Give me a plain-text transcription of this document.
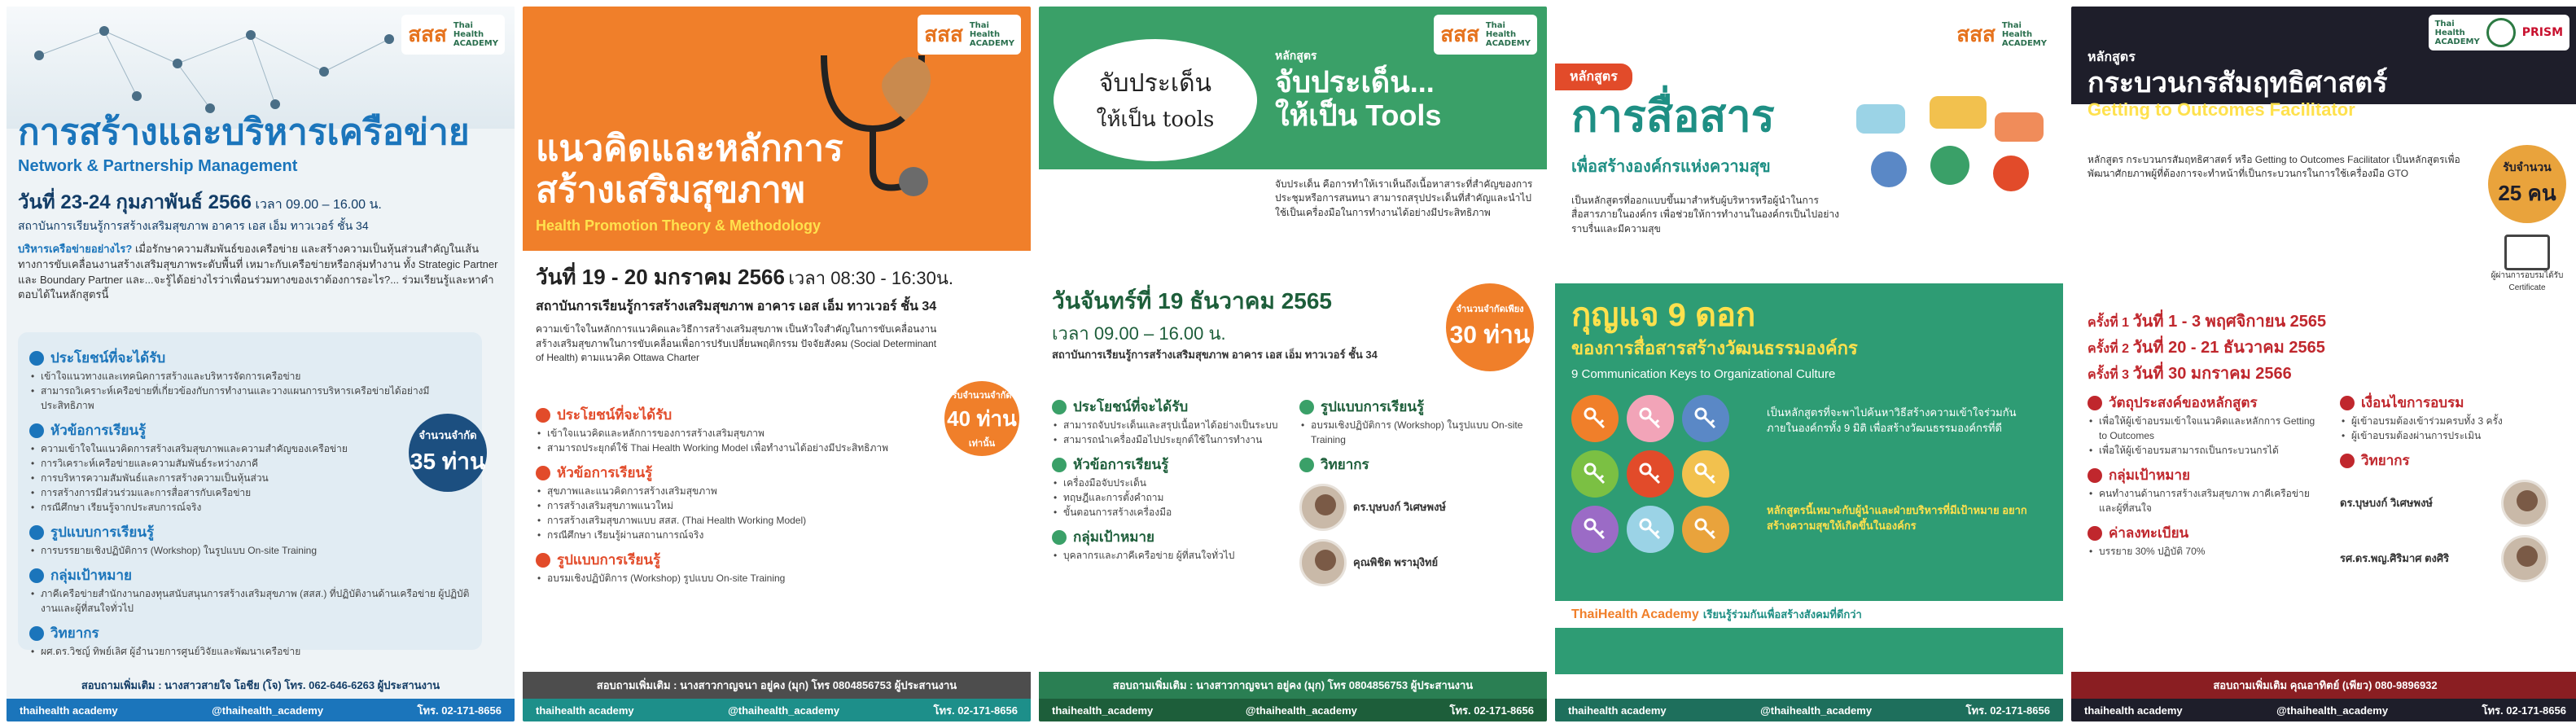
สสส Thai
Health
ACADEMY
การสร้างและบริหารเครือข่าย
Network & Partnership Management
วันที่ 23-24 กุมภาพันธ์ 2566 เวลา 09.00 – 16.00 น.
สถาบันการเรียนรู้การสร้างเสริมสุขภาพ อาคาร เอส เอ็ม ทาวเวอร์ ชั้น 34
บริหารเครือข่ายอย่างไร? เมื่อรักษาความสัมพันธ์ของเครือข่าย และสร้างความเป็นหุ้นส่วนสำคัญในเส้นทางการขับเคลื่อนงานสร้างเสริมสุขภาพระดับพื้นที่ เหมาะกับเครือข่ายหรือกลุ่มทำงาน ทั้ง Strategic Partner และ Boundary Partner และ...จะรู้ได้อย่างไรว่าเพื่อนร่วมทางของเราต้องการอะไร?... ร่วมเรียนรู้และหาคำตอบได้ในหลักสูตรนี้
ประโยชน์ที่จะได้รับ
• เข้าใจแนวทางและเทคนิคการสร้างและบริหารจัดการเครือข่าย
• สามารถวิเคราะห์เครือข่ายที่เกี่ยวข้องกับการทำงานและวางแผนการบริหารเครือข่ายได้อย่างมีประสิทธิภาพ
หัวข้อการเรียนรู้
• ความเข้าใจในแนวคิดการสร้างเสริมสุขภาพและความสำคัญของเครือข่าย
• การวิเคราะห์เครือข่ายและความสัมพันธ์ระหว่างภาคี
• การบริหารความสัมพันธ์และการสร้างความเป็นหุ้นส่วน
• การสร้างการมีส่วนร่วมและการสื่อสารกับเครือข่าย
• กรณีศึกษา เรียนรู้จากประสบการณ์จริง
รูปแบบการเรียนรู้
• การบรรยายเชิงปฏิบัติการ (Workshop) ในรูปแบบ On-site Training
กลุ่มเป้าหมาย
• ภาคีเครือข่ายสำนักงานกองทุนสนับสนุนการสร้างเสริมสุขภาพ (สสส.) ที่ปฏิบัติงานด้านเครือข่าย ผู้ปฏิบัติงานและผู้ที่สนใจทั่วไป
วิทยากร
• ผศ.ดร.วิชญ์ ทิพย์เลิศ ผู้อำนวยการศูนย์วิจัยและพัฒนาเครือข่าย
จำนวนจำกัด
35 ท่าน
สอบถามเพิ่มเติม : นางสาวสายใจ โอชีย (โจ) โทร. 062-646-6263 ผู้ประสานงาน
thaihealth academy	@thaihealth_academy	โทร. 02-171-8656
สสส Thai
Health
ACADEMY
แนวคิดและหลักการ
สร้างเสริมสุขภาพ
Health Promotion Theory & Methodology
วันที่ 19 - 20 มกราคม 2566 เวลา 08:30 - 16:30น.
สถาบันการเรียนรู้การสร้างเสริมสุขภาพ อาคาร เอส เอ็ม ทาวเวอร์ ชั้น 34
ความเข้าใจในหลักการแนวคิดและวิธีการสร้างเสริมสุขภาพ เป็นหัวใจสำคัญในการขับเคลื่อนงานสร้างเสริมสุขภาพในการขับเคลื่อนเพื่อการปรับเปลี่ยนพฤติกรรม ปัจจัยสังคม (Social Determinant of Health) ตามแนวคิด Ottawa Charter
รับจำนวนจำกัด
40 ท่าน
เท่านั้น
ประโยชน์ที่จะได้รับ
• เข้าใจแนวคิดและหลักการของการสร้างเสริมสุขภาพ
• สามารถประยุกต์ใช้ Thai Health Working Model เพื่อทำงานได้อย่างมีประสิทธิภาพ
หัวข้อการเรียนรู้
• สุขภาพและแนวคิดการสร้างเสริมสุขภาพ
• การสร้างเสริมสุขภาพแนวใหม่
• การสร้างเสริมสุขภาพแบบ สสส. (Thai Health Working Model)
• กรณีศึกษา เรียนรู้ผ่านสถานการณ์จริง
รูปแบบการเรียนรู้
• อบรมเชิงปฏิบัติการ (Workshop) รูปแบบ On-site Training
สอบถามเพิ่มเติม : นางสาวกาญจนา อยู่คง (มุก) โทร 0804856753 ผู้ประสานงาน
thaihealth academy	@thaihealth_academy	โทร. 02-171-8656
จับประเด็น
ให้เป็น tools
สสส Thai
Health
ACADEMY
หลักสูตร
จับประเด็น...
ให้เป็น Tools
จับประเด็น คือการทำให้เราเห็นถึงเนื้อหาสาระที่สำคัญของการประชุมหรือการสนทนา สามารถสรุปประเด็นที่สำคัญและนำไปใช้เป็นเครื่องมือในการทำงานได้อย่างมีประสิทธิภาพ
วันจันทร์ที่ 19 ธันวาคม 2565
เวลา 09.00 – 16.00 น.
สถาบันการเรียนรู้การสร้างเสริมสุขภาพ อาคาร เอส เอ็ม ทาวเวอร์ ชั้น 34
จำนวนจำกัดเพียง
30 ท่าน
ประโยชน์ที่จะได้รับ
• สามารถจับประเด็นและสรุปเนื้อหาได้อย่างเป็นระบบ
• สามารถนำเครื่องมือไปประยุกต์ใช้ในการทำงาน
หัวข้อการเรียนรู้
• เครื่องมือจับประเด็น
• ทฤษฎีและการตั้งคำถาม
• ขั้นตอนการสร้างเครื่องมือ
กลุ่มเป้าหมาย
• บุคลากรและภาคีเครือข่าย ผู้ที่สนใจทั่วไป
รูปแบบการเรียนรู้
• อบรมเชิงปฏิบัติการ (Workshop) ในรูปแบบ On-site Training
วิทยากร
ดร.บุษบงก์ วิเศษพงษ์
คุณพิชิต พรามุงิทย์
สอบถามเพิ่มเติม : นางสาวกาญจนา อยู่คง (มุก) โทร 0804856753 ผู้ประสานงาน
thaihealth_academy	@thaihealth_academy	โทร. 02-171-8656
สสส Thai
Health
ACADEMY
หลักสูตร
การสื่อสาร
เพื่อสร้างองค์กรแห่งความสุข
เป็นหลักสูตรที่ออกแบบขึ้นมาสำหรับผู้บริหารหรือผู้นำในการสื่อสารภายในองค์กร เพื่อช่วยให้การทำงานในองค์กรเป็นไปอย่างราบรื่นและมีความสุข
กุญแจ 9 ดอก
ของการสื่อสารสร้างวัฒนธรรมองค์กร
9 Communication Keys to Organizational Culture
เป็นหลักสูตรที่จะพาไปค้นหาวิธีสร้างความเข้าใจร่วมกันภายในองค์กรทั้ง 9 มิติ เพื่อสร้างวัฒนธรรมองค์กรที่ดี
หลักสูตรนี้เหมาะกับผู้นำและฝ่ายบริหารที่มีเป้าหมาย อยากสร้างความสุขให้เกิดขึ้นในองค์กร
ThaiHealth Academy เรียนรู้ร่วมกันเพื่อสร้างสังคมที่ดีกว่า
thaihealth academy	@thaihealth_academy	โทร. 02-171-8656
Thai
Health
ACADEMY
PRISM
หลักสูตร
กระบวนกรสัมฤทธิศาสตร์
Getting to Outcomes Facilitator
หลักสูตร กระบวนกรสัมฤทธิศาสตร์ หรือ Getting to Outcomes Facilitator เป็นหลักสูตรเพื่อพัฒนาศักยภาพผู้ที่ต้องการจะทำหน้าที่เป็นกระบวนกรในการใช้เครื่องมือ GTO
รับจำนวน
25 คน
ผู้ผ่านการอบรมได้รับ Certificate
ครั้งที่ 1 วันที่ 1 - 3 พฤศจิกายน 2565
ครั้งที่ 2 วันที่ 20 - 21 ธันวาคม 2565
ครั้งที่ 3 วันที่ 30 มกราคม 2566
วัตถุประสงค์ของหลักสูตร
• เพื่อให้ผู้เข้าอบรมเข้าใจแนวคิดและหลักการ Getting to Outcomes
• เพื่อให้ผู้เข้าอบรมสามารถเป็นกระบวนกรได้
กลุ่มเป้าหมาย
• คนทำงานด้านการสร้างเสริมสุขภาพ ภาคีเครือข่าย และผู้ที่สนใจ
ค่าลงทะเบียน
• บรรยาย 30% ปฏิบัติ 70%
เงื่อนไขการอบรม
• ผู้เข้าอบรมต้องเข้าร่วมครบทั้ง 3 ครั้ง
• ผู้เข้าอบรมต้องผ่านการประเมิน
วิทยากร
ดร.บุษบงก์ วิเศษพงษ์
รศ.ดร.พญ.ศิริมาศ ตงศิริ
สอบถามเพิ่มเติม คุณอาทิตย์ (เพียว) 080-9896932
thaihealth academy	@thaihealth_academy	โทร. 02-171-8656
